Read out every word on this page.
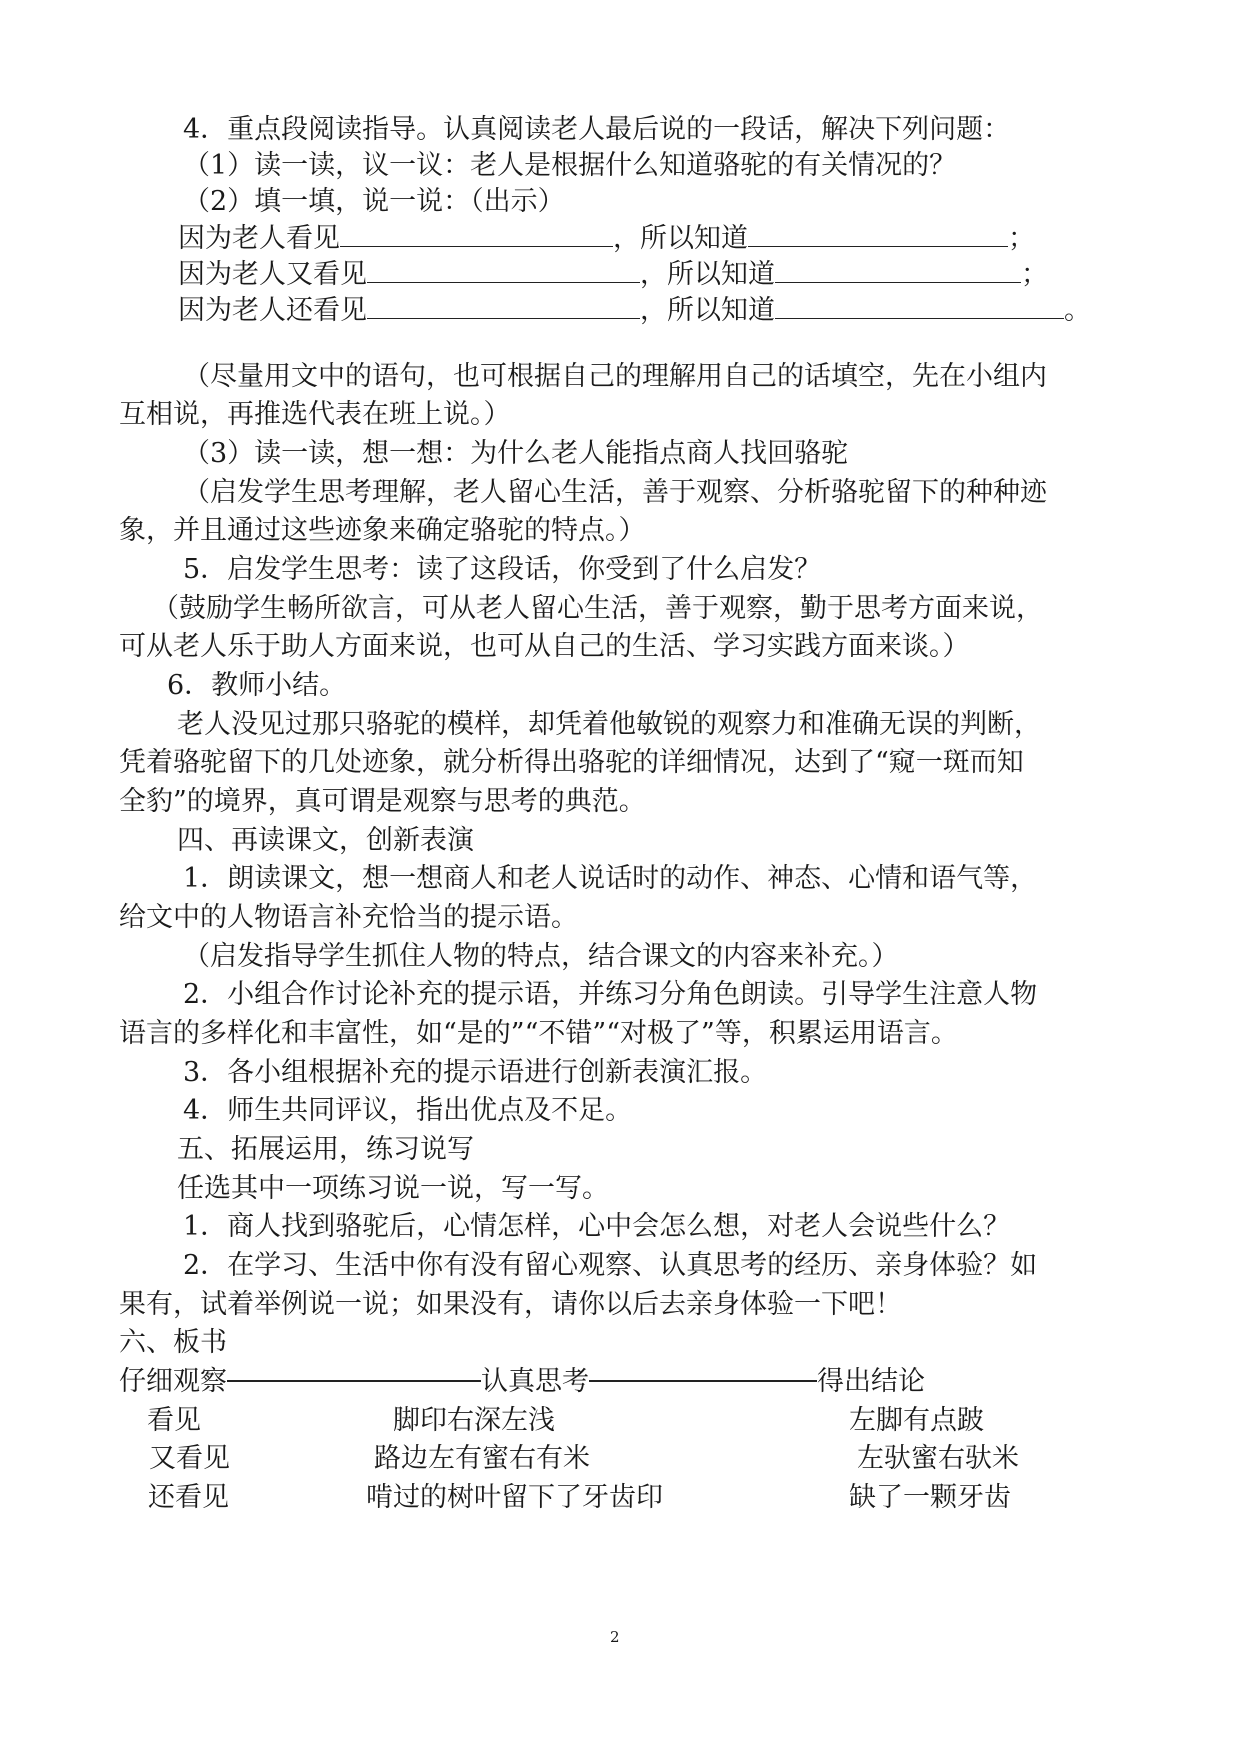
4．重点段阅读指导。认真阅读老人最后说的一段话，解决下列问题：
（1）读一读，议一议：老人是根据什么知道骆驼的有关情况的？
（2）填一填，说一说：（出示）
因为老人看见	，所以知道	；
因为老人又看见	，所以知道	；
因为老人还看见	，所以知道	。
（尽量用文中的语句，也可根据自己的理解用自己的话填空，先在小组内
互相说，再推选代表在班上说。）
（3）读一读，想一想：为什么老人能指点商人找回骆驼
（启发学生思考理解，老人留心生活，善于观察、分析骆驼留下的种种迹
象，并且通过这些迹象来确定骆驼的特点。）
5．启发学生思考：读了这段话，你受到了什么启发？
（鼓励学生畅所欲言，可从老人留心生活，善于观察，勤于思考方面来说，
可从老人乐于助人方面来说，也可从自己的生活、学习实践方面来谈。）
6．教师小结。
老人没见过那只骆驼的模样，却凭着他敏锐的观察力和准确无误的判断，
凭着骆驼留下的几处迹象，就分析得出骆驼的详细情况，达到了“窥一斑而知
全豹”的境界，真可谓是观察与思考的典范。
四、再读课文，创新表演
1．朗读课文，想一想商人和老人说话时的动作、神态、心情和语气等，
给文中的人物语言补充恰当的提示语。
（启发指导学生抓住人物的特点，结合课文的内容来补充。）
2．小组合作讨论补充的提示语，并练习分角色朗读。引导学生注意人物
语言的多样化和丰富性，如“是的”“不错”“对极了”等，积累运用语言。
3．各小组根据补充的提示语进行创新表演汇报。
4．师生共同评议，指出优点及不足。
五、拓展运用，练习说写
任选其中一项练习说一说，写一写。
1．商人找到骆驼后，心情怎样，心中会怎么想，对老人会说些什么？
2．在学习、生活中你有没有留心观察、认真思考的经历、亲身体验？如
果有，试着举例说一说；如果没有，请你以后去亲身体验一下吧！
六、板书
仔细观察	认真思考	得出结论
看见	脚印右深左浅	左脚有点跛
又看见	路边左有蜜右有米	左驮蜜右驮米
还看见	啃过的树叶留下了牙齿印	缺了一颗牙齿
2
